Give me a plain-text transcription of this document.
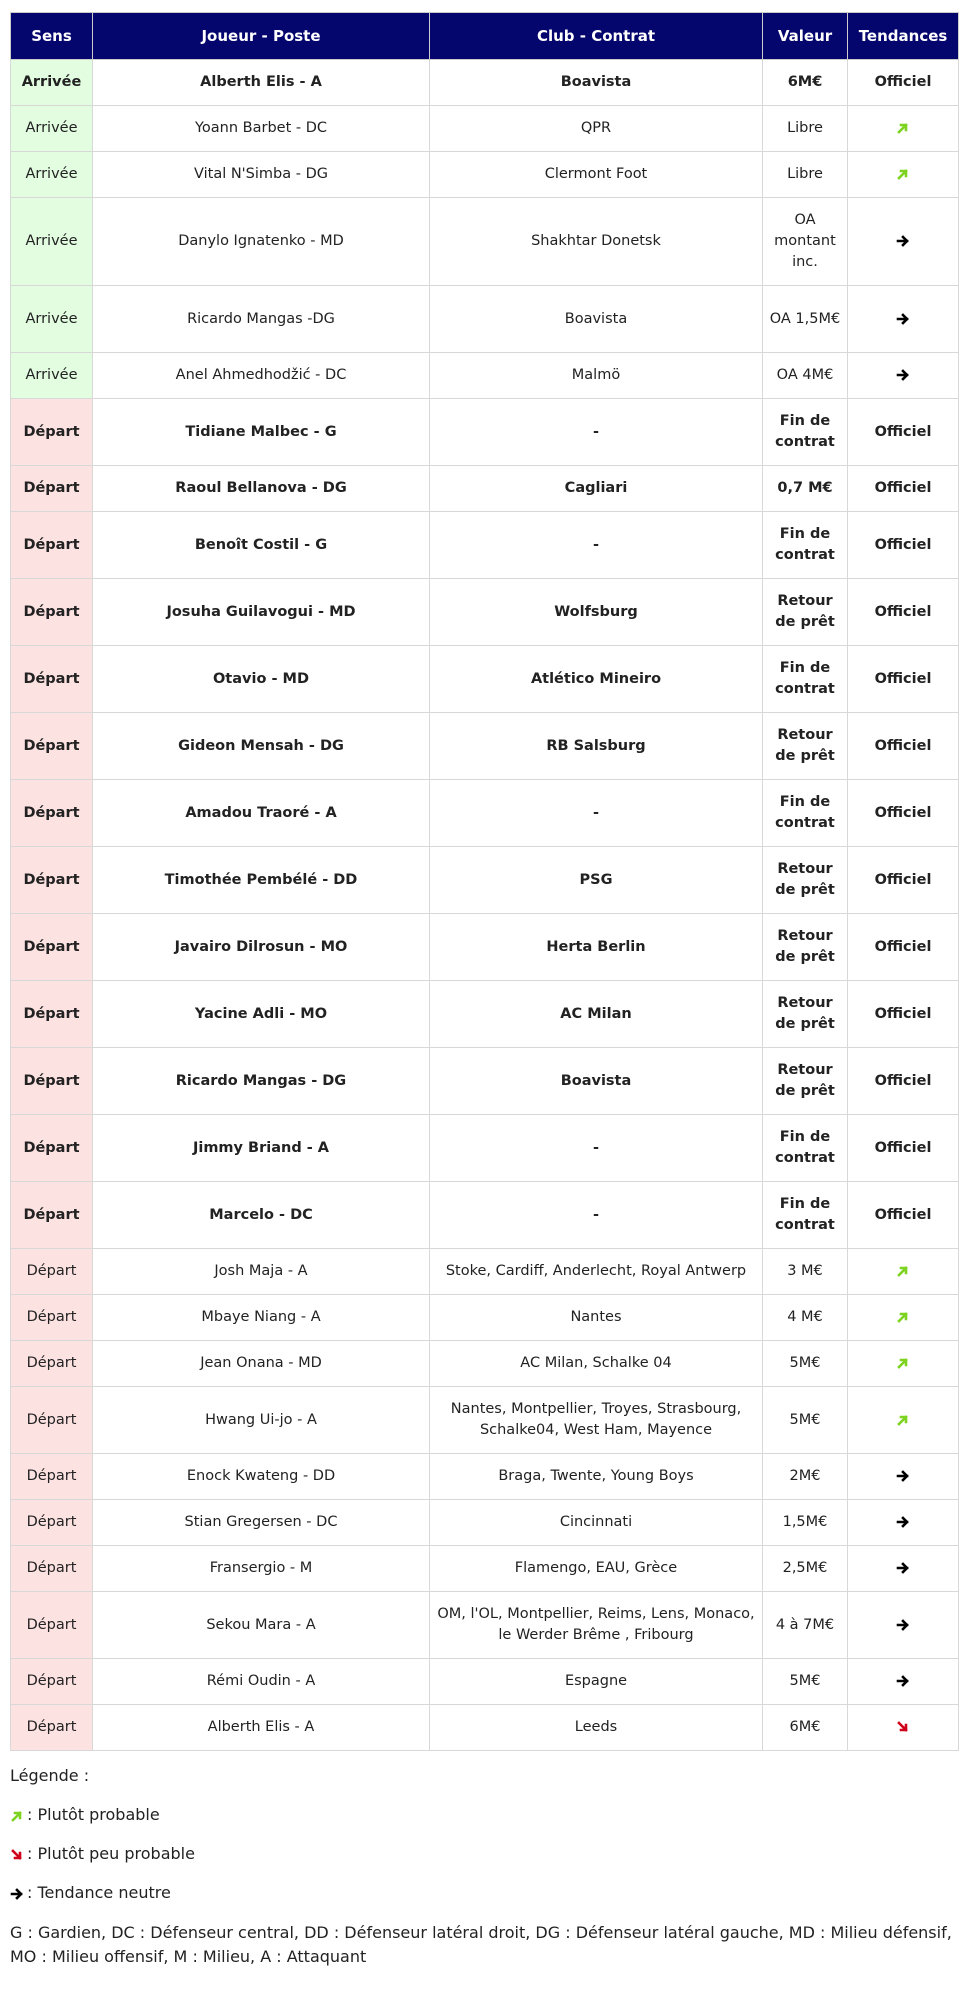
Sens	Joueur - Poste	Club - Contrat	Valeur	Tendances
Arrivée	Alberth Elis - A	Boavista	6M€	Officiel
Arrivée	Yoann Barbet - DC	QPR	Libre	
Arrivée	Vital N'Simba - DG	Clermont Foot	Libre	
Arrivée	Danylo Ignatenko - MD	Shakhtar Donetsk	OA montant inc.	
Arrivée	Ricardo Mangas -DG	Boavista	OA 1,5M€	
Arrivée	Anel Ahmedhodžić - DC	Malmö	OA 4M€	
Départ	Tidiane Malbec - G	-	Fin de contrat	Officiel
Départ	Raoul Bellanova - DG	Cagliari	0,7 M€	Officiel
Départ	Benoît Costil - G	-	Fin de contrat	Officiel
Départ	Josuha Guilavogui - MD	Wolfsburg	Retour de prêt	Officiel
Départ	Otavio - MD	Atlético Mineiro	Fin de contrat	Officiel
Départ	Gideon Mensah - DG	RB Salsburg	Retour de prêt	Officiel
Départ	Amadou Traoré - A	-	Fin de contrat	Officiel
Départ	Timothée Pembélé - DD	PSG	Retour de prêt	Officiel
Départ	Javairo Dilrosun - MO	Herta Berlin	Retour de prêt	Officiel
Départ	Yacine Adli - MO	AC Milan	Retour de prêt	Officiel
Départ	Ricardo Mangas - DG	Boavista	Retour de prêt	Officiel
Départ	Jimmy Briand - A	-	Fin de contrat	Officiel
Départ	Marcelo - DC	-	Fin de contrat	Officiel
Départ	Josh Maja - A	Stoke, Cardiff, Anderlecht, Royal Antwerp	3 M€	
Départ	Mbaye Niang - A	Nantes	4 M€	
Départ	Jean Onana - MD	AC Milan, Schalke 04	5M€	
Départ	Hwang Ui-jo - A	Nantes, Montpellier, Troyes, Strasbourg, Schalke04, West Ham, Mayence	5M€	
Départ	Enock Kwateng - DD	Braga, Twente, Young Boys	2M€	
Départ	Stian Gregersen - DC	Cincinnati	1,5M€	
Départ	Fransergio - M	Flamengo, EAU, Grèce	2,5M€	
Départ	Sekou Mara - A	OM, l'OL, Montpellier, Reims, Lens, Monaco, le Werder Brême , Fribourg	4 à 7M€	
Départ	Rémi Oudin - A	Espagne	5M€	
Départ	Alberth Elis - A	Leeds	6M€	

Légende :

: Plutôt probable

: Plutôt peu probable

: Tendance neutre

G : Gardien, DC : Défenseur central, DD : Défenseur latéral droit, DG : Défenseur latéral gauche, MD : Milieu défensif, MO : Milieu offensif, M : Milieu, A : Attaquant
